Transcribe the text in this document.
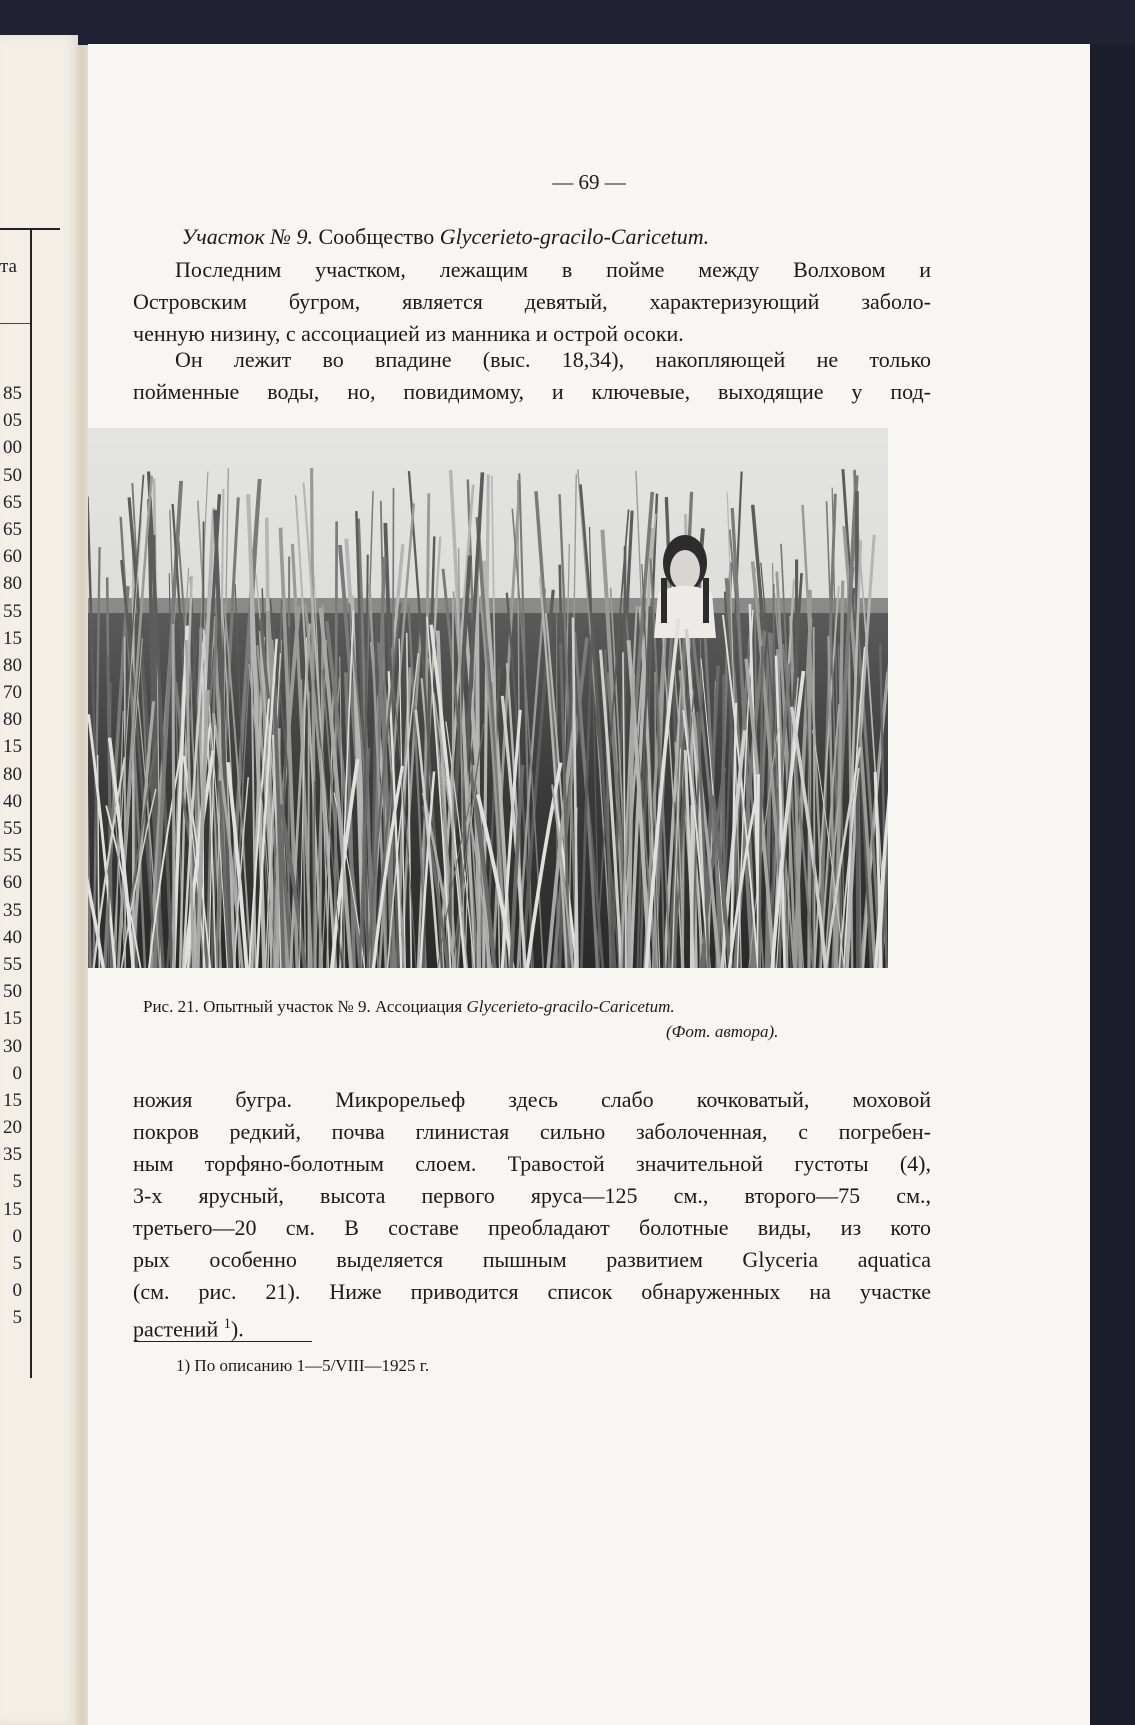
та
85
05
00
50
65
65
60
80
55
15
80
70
80
15
80
40
55
55
60
35
40
55
50
15
30
0
15
20
35
5
15
0
5
0
5
— 69 —
Участок № 9. Сообщество Glycerieto-gracilo-Caricetum.
Последним участком, лежащим в пойме между Волховом и
Островским бугром, является девятый, характеризующий заболо-
ченную низину, с ассоциацией из манника и острой осоки.
Он лежит во впадине (выс. 18,34), накопляющей не только
пойменные воды, но, повидимому, и ключевые, выходящие у под-
Рис. 21. Опытный участок № 9. Ассоциация Glycerieto-gracilo-Caricetum.
(Фот. автора).
ножия бугра. Микрорельеф здесь слабо кочковатый, моховой
покров редкий, почва глинистая сильно заболоченная, с погребен-
ным торфяно-болотным слоем. Травостой значительной густоты (4),
3-х ярусный, высота первого яруса—125 см., второго—75 см.,
третьего—20 см. В составе преобладают болотные виды, из кото
рых особенно выделяется пышным развитием Glyceria aquatica
(см. рис. 21). Ниже приводится список обнаруженных на участке
растений $^1$).
1) По описанию 1—5/VIII—1925 г.
